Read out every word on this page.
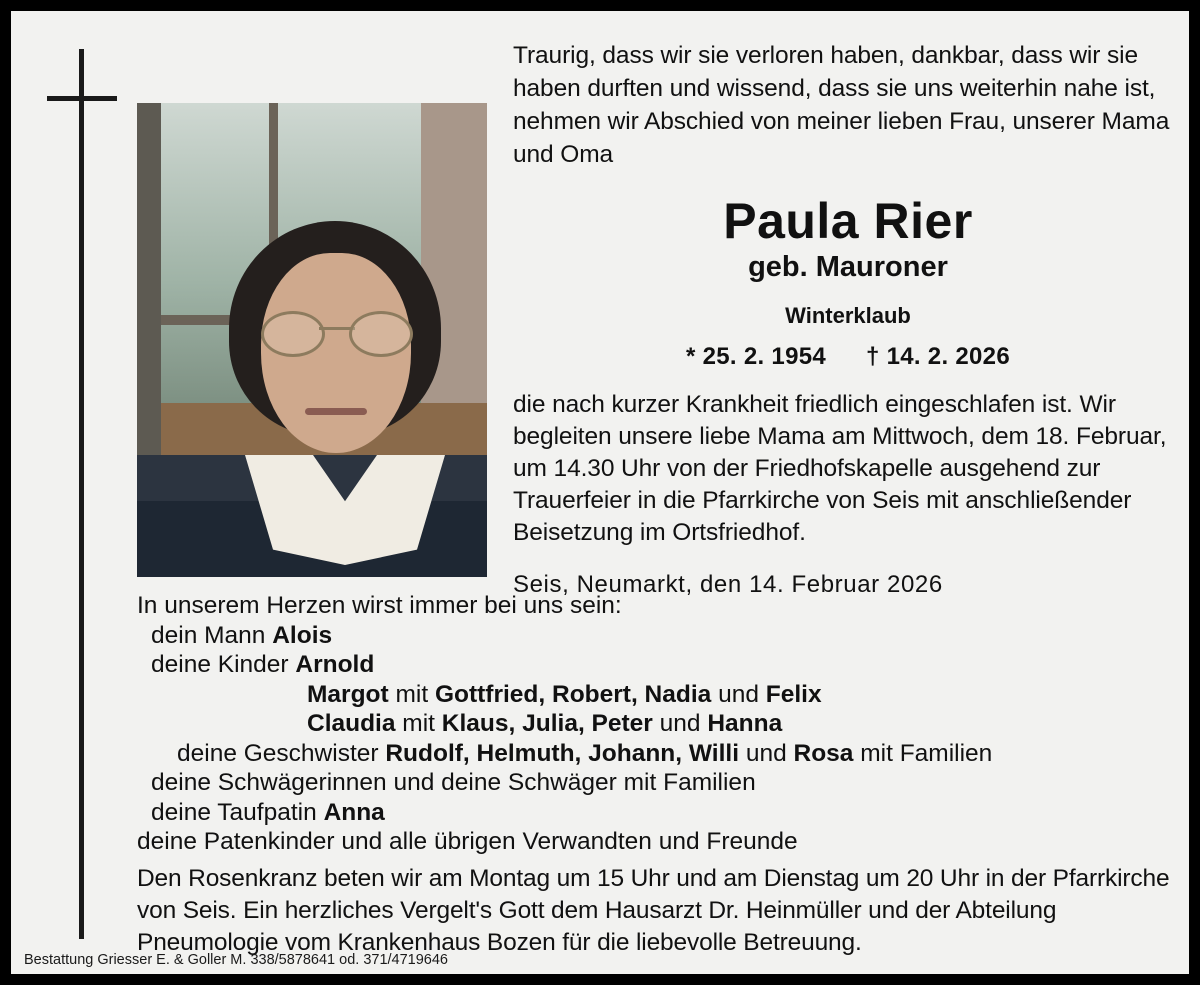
Traurig, dass wir sie verloren haben, dankbar, dass wir sie haben durften und wissend, dass sie uns weiterhin nahe ist, nehmen wir Abschied von meiner lieben Frau, unserer Mama und Oma
Paula Rier
geb. Mauroner
Winterklaub
* 25. 2. 1954 † 14. 2. 2026
die nach kurzer Krankheit friedlich eingeschlafen ist. Wir begleiten unsere liebe Mama am Mittwoch, dem 18. Februar, um 14.30 Uhr von der Friedhofskapelle ausgehend zur Trauerfeier in die Pfarrkirche von Seis mit anschließender Beisetzung im Ortsfriedhof.
Seis, Neumarkt, den 14. Februar 2026
In unserem Herzen wirst immer bei uns sein:
dein Mann Alois
deine Kinder Arnold
Margot mit Gottfried, Robert, Nadia und Felix
Claudia mit Klaus, Julia, Peter und Hanna
deine Geschwister Rudolf, Helmuth, Johann, Willi und Rosa mit Familien
deine Schwägerinnen und deine Schwäger mit Familien
deine Taufpatin Anna
deine Patenkinder und alle übrigen Verwandten und Freunde
Den Rosenkranz beten wir am Montag um 15 Uhr und am Dienstag um 20 Uhr in der Pfarrkirche von Seis. Ein herzliches Vergelt's Gott dem Hausarzt Dr. Heinmüller und der Abteilung Pneumologie vom Krankenhaus Bozen für die liebevolle Betreuung.
Bestattung Griesser E. & Goller M. 338/5878641 od. 371/4719646
